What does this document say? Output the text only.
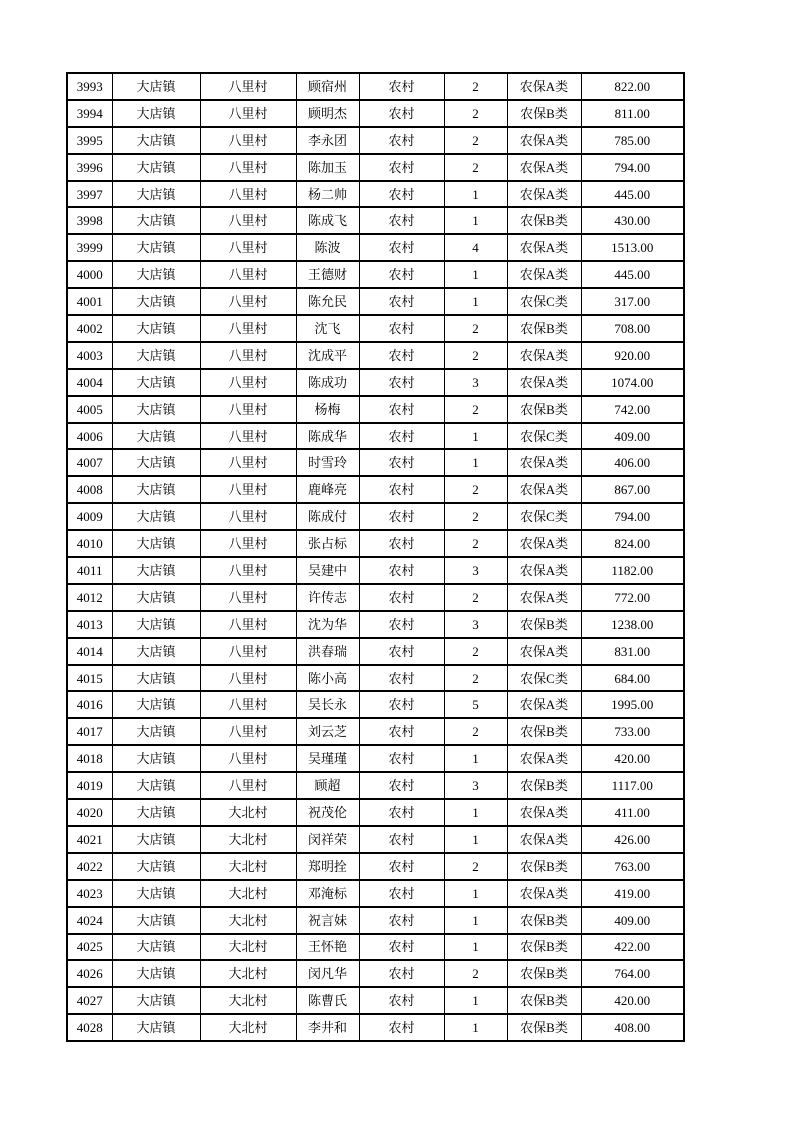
3993	大店镇	八里村	顾宿州	农村	2	农保A类	822.00
3994	大店镇	八里村	顾明杰	农村	2	农保B类	811.00
3995	大店镇	八里村	李永团	农村	2	农保A类	785.00
3996	大店镇	八里村	陈加玉	农村	2	农保A类	794.00
3997	大店镇	八里村	杨二帅	农村	1	农保A类	445.00
3998	大店镇	八里村	陈成飞	农村	1	农保B类	430.00
3999	大店镇	八里村	陈波	农村	4	农保A类	1513.00
4000	大店镇	八里村	王德财	农村	1	农保A类	445.00
4001	大店镇	八里村	陈允民	农村	1	农保C类	317.00
4002	大店镇	八里村	沈飞	农村	2	农保B类	708.00
4003	大店镇	八里村	沈成平	农村	2	农保A类	920.00
4004	大店镇	八里村	陈成功	农村	3	农保A类	1074.00
4005	大店镇	八里村	杨梅	农村	2	农保B类	742.00
4006	大店镇	八里村	陈成华	农村	1	农保C类	409.00
4007	大店镇	八里村	时雪玲	农村	1	农保A类	406.00
4008	大店镇	八里村	鹿峰亮	农村	2	农保A类	867.00
4009	大店镇	八里村	陈成付	农村	2	农保C类	794.00
4010	大店镇	八里村	张占标	农村	2	农保A类	824.00
4011	大店镇	八里村	吴建中	农村	3	农保A类	1182.00
4012	大店镇	八里村	许传志	农村	2	农保A类	772.00
4013	大店镇	八里村	沈为华	农村	3	农保B类	1238.00
4014	大店镇	八里村	洪春瑞	农村	2	农保A类	831.00
4015	大店镇	八里村	陈小高	农村	2	农保C类	684.00
4016	大店镇	八里村	吴长永	农村	5	农保A类	1995.00
4017	大店镇	八里村	刘云芝	农村	2	农保B类	733.00
4018	大店镇	八里村	吴瑾瑾	农村	1	农保A类	420.00
4019	大店镇	八里村	顾超	农村	3	农保B类	1117.00
4020	大店镇	大北村	祝茂伦	农村	1	农保A类	411.00
4021	大店镇	大北村	闵祥荣	农村	1	农保A类	426.00
4022	大店镇	大北村	郑明拴	农村	2	农保B类	763.00
4023	大店镇	大北村	邓淹标	农村	1	农保A类	419.00
4024	大店镇	大北村	祝言妹	农村	1	农保B类	409.00
4025	大店镇	大北村	王怀艳	农村	1	农保B类	422.00
4026	大店镇	大北村	闵凡华	农村	2	农保B类	764.00
4027	大店镇	大北村	陈曹氏	农村	1	农保B类	420.00
4028	大店镇	大北村	李井和	农村	1	农保B类	408.00
